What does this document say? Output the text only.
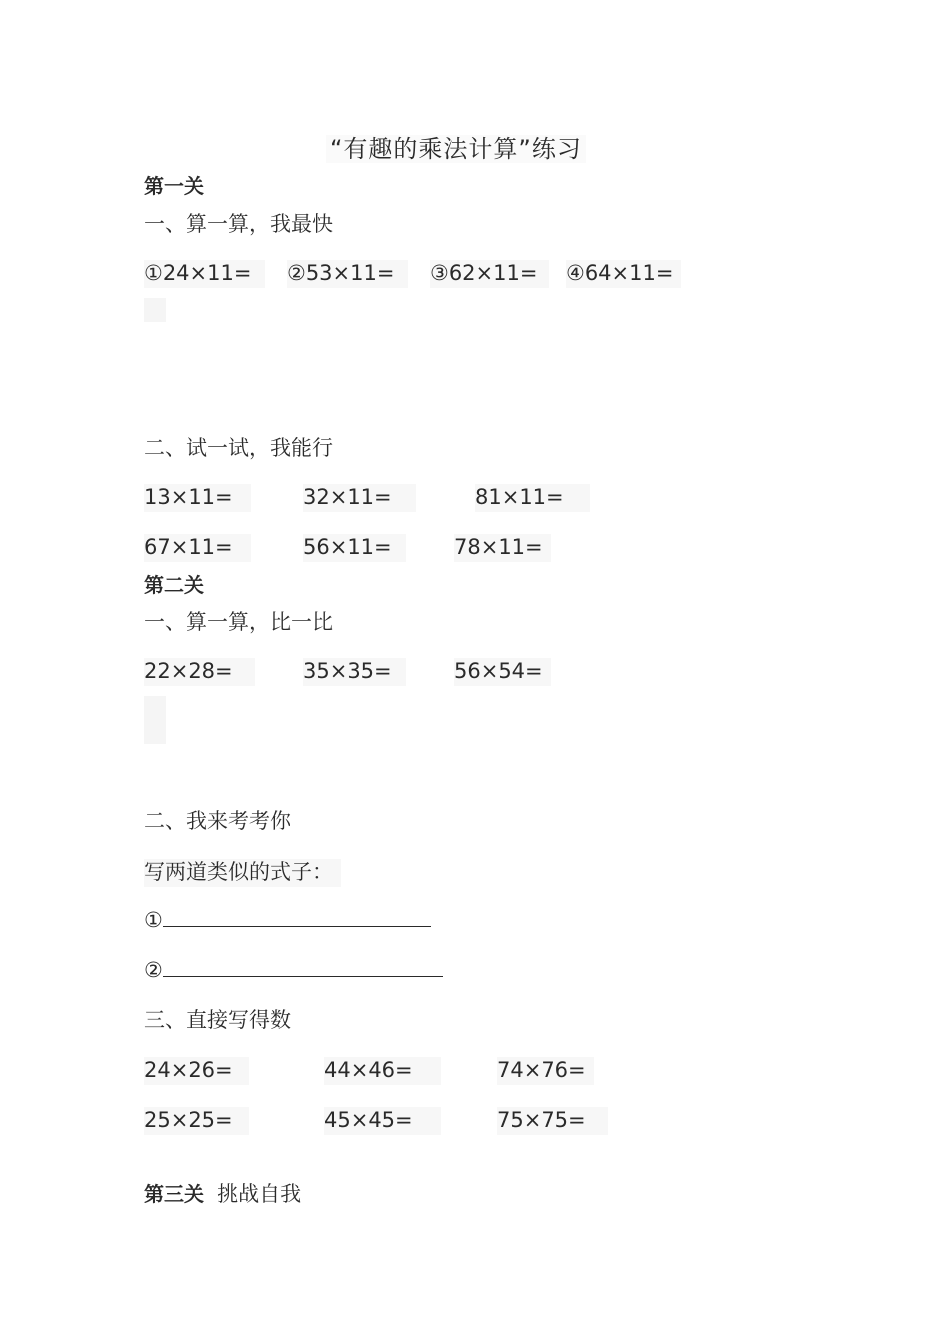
“有趣的乘法计算”练习
第一关
一、算一算，我最快
①24×11=	②53×11=	③62×11=	④64×11=
二、试一试，我能行
13×11=	32×11=	81×11=
67×11=	56×11=	78×11=
第二关
一、算一算，比一比
22×28=	35×35=	56×54=
二、我来考考你
写两道类似的式子：
①
②
三、直接写得数
24×26=	44×46=	74×76=
25×25=	45×45=	75×75=
第三关 挑战自我
